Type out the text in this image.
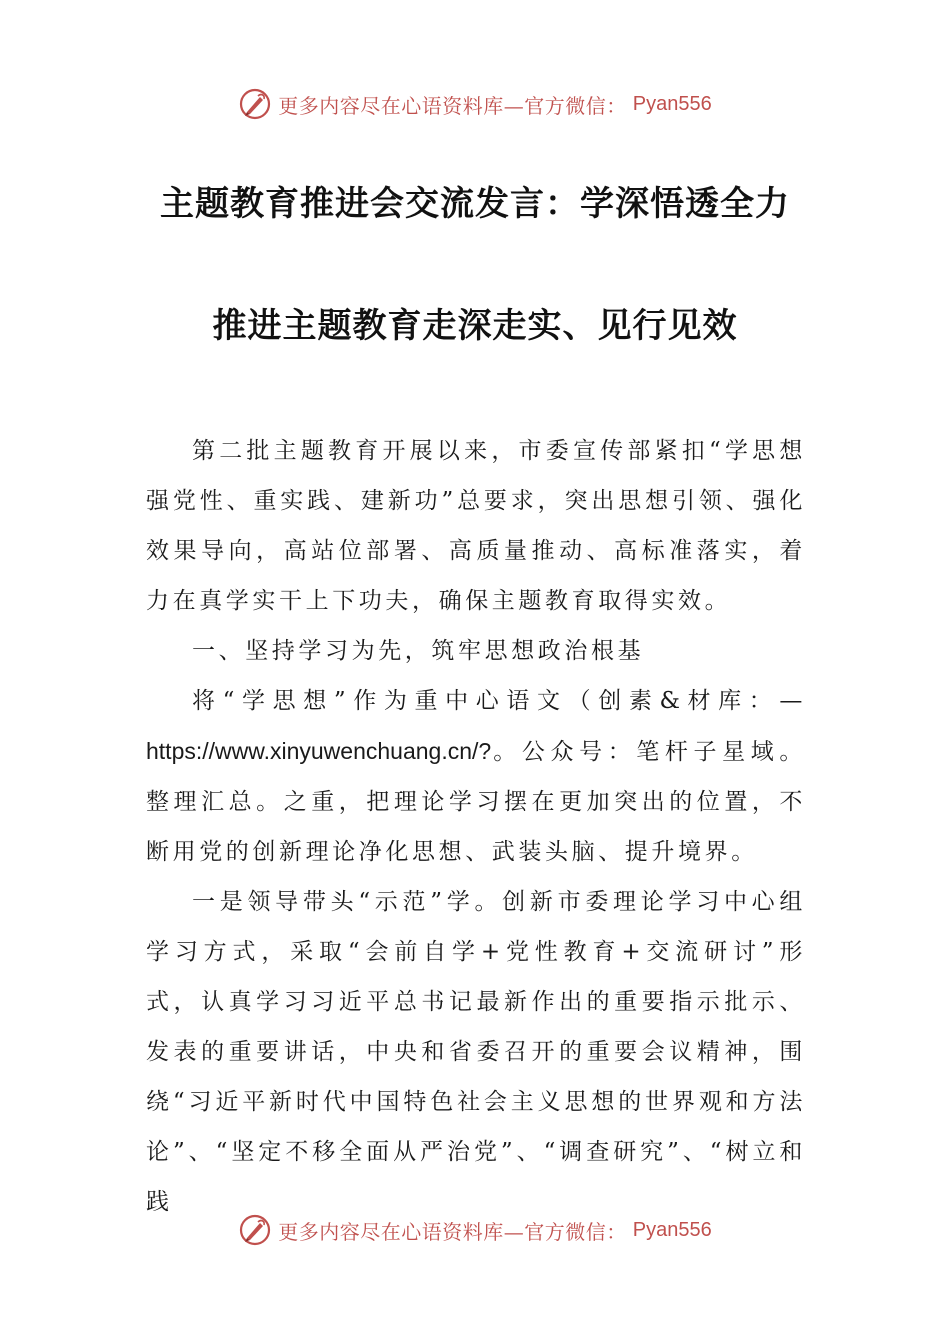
更多内容尽在心语资料库—官方微信： Pyan556
主题教育推进会交流发言：学深悟透全力
推进主题教育走深走实、见行见效

第二批主题教育开展以来，市委宣传部紧扣“学思想强党性、重实践、建新功”总要求，突出思想引领、强化效果导向，高站位部署、高质量推动、高标准落实，着力在真学实干上下功夫，确保主题教育取得实效。

一、坚持学习为先，筑牢思想政治根基

将“学思想”作为重中心语文（创素&材库：—https://www.xinyuwenchuang.cn/?。公众号：笔杆子星域。整理汇总。之重，把理论学习摆在更加突出的位置，不断用党的创新理论净化思想、武装头脑、提升境界。

一是领导带头“示范”学。创新市委理论学习中心组学习方式，采取“会前自学+党性教育+交流研讨”形式，认真学习习近平总书记最新作出的重要指示批示、发表的重要讲话，中央和省委召开的重要会议精神，围绕“习近平新时代中国特色社会主义思想的世界观和方法论”、“坚定不移全面从严治党”、“调查研究”、“树立和践

更多内容尽在心语资料库—官方微信： Pyan556
